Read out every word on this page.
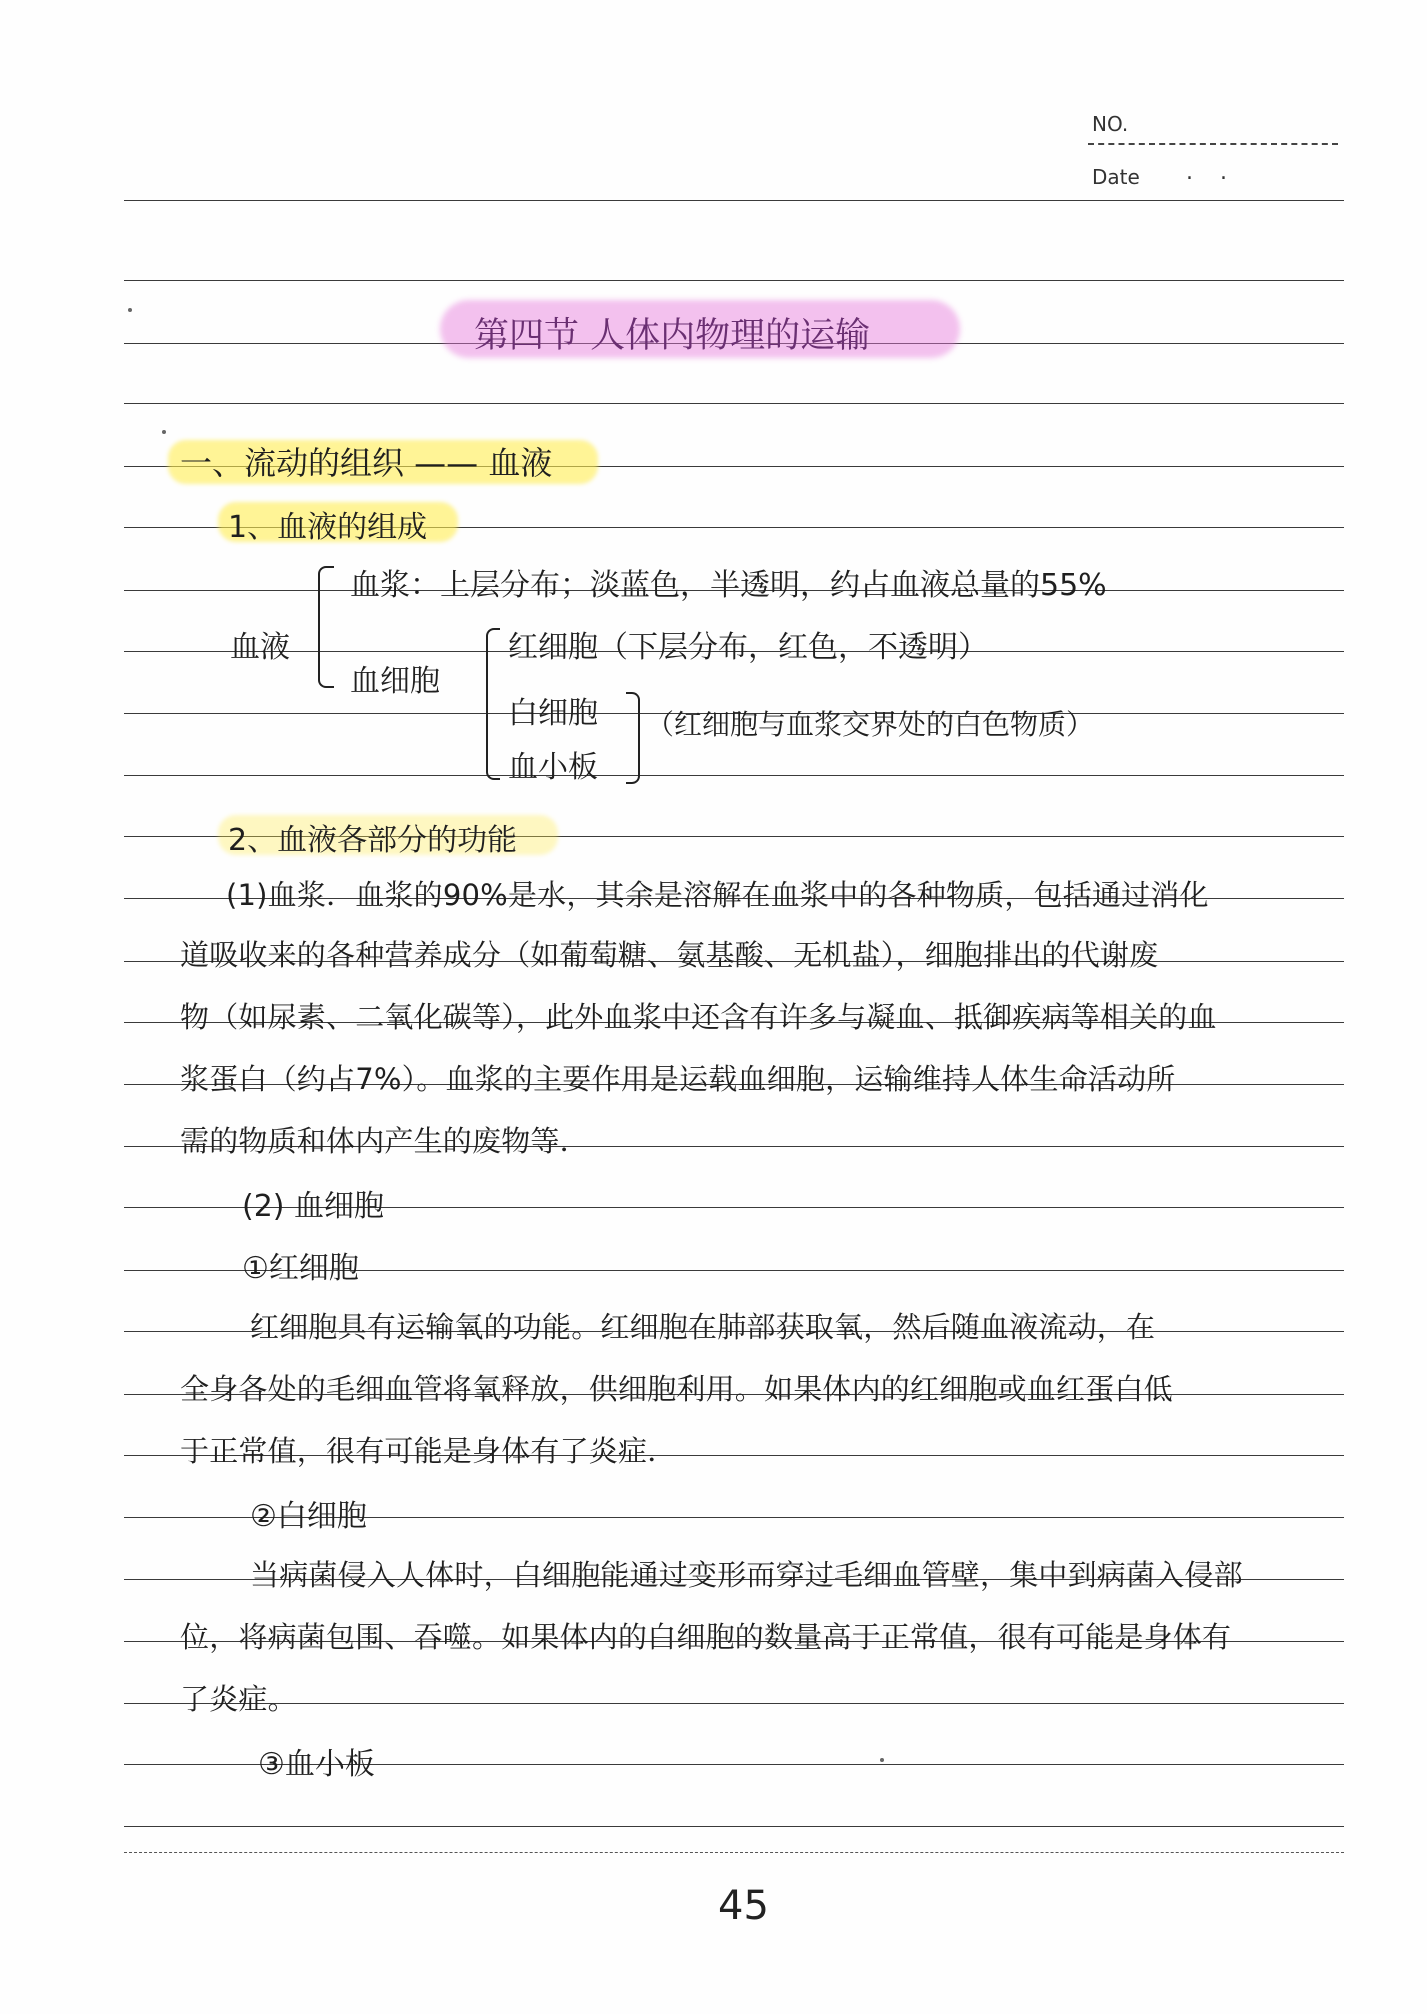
NO.
Date . .
第四节 人体内物理的运输
一、流动的组织 —— 血液
1、血液的组成
血液
血浆：上层分布；淡蓝色，半透明，约占血液总量的55%
血细胞
红细胞（下层分布，红色，不透明）
白细胞
血小板
（红细胞与血浆交界处的白色物质）
2、血液各部分的功能
(1)血浆．血浆的90%是水，其余是溶解在血浆中的各种物质，包括通过消化
道吸收来的各种营养成分（如葡萄糖、氨基酸、无机盐），细胞排出的代谢废
物（如尿素、二氧化碳等），此外血浆中还含有许多与凝血、抵御疾病等相关的血
浆蛋白（约占7%）。血浆的主要作用是运载血细胞，运输维持人体生命活动所
需的物质和体内产生的废物等．
(2) 血细胞
①红细胞
红细胞具有运输氧的功能。红细胞在肺部获取氧，然后随血液流动，在
全身各处的毛细血管将氧释放，供细胞利用。如果体内的红细胞或血红蛋白低
于正常值，很有可能是身体有了炎症．
②白细胞
当病菌侵入人体时，白细胞能通过变形而穿过毛细血管壁，集中到病菌入侵部
位，将病菌包围、吞噬。如果体内的白细胞的数量高于正常值，很有可能是身体有
了炎症。
③血小板
45
